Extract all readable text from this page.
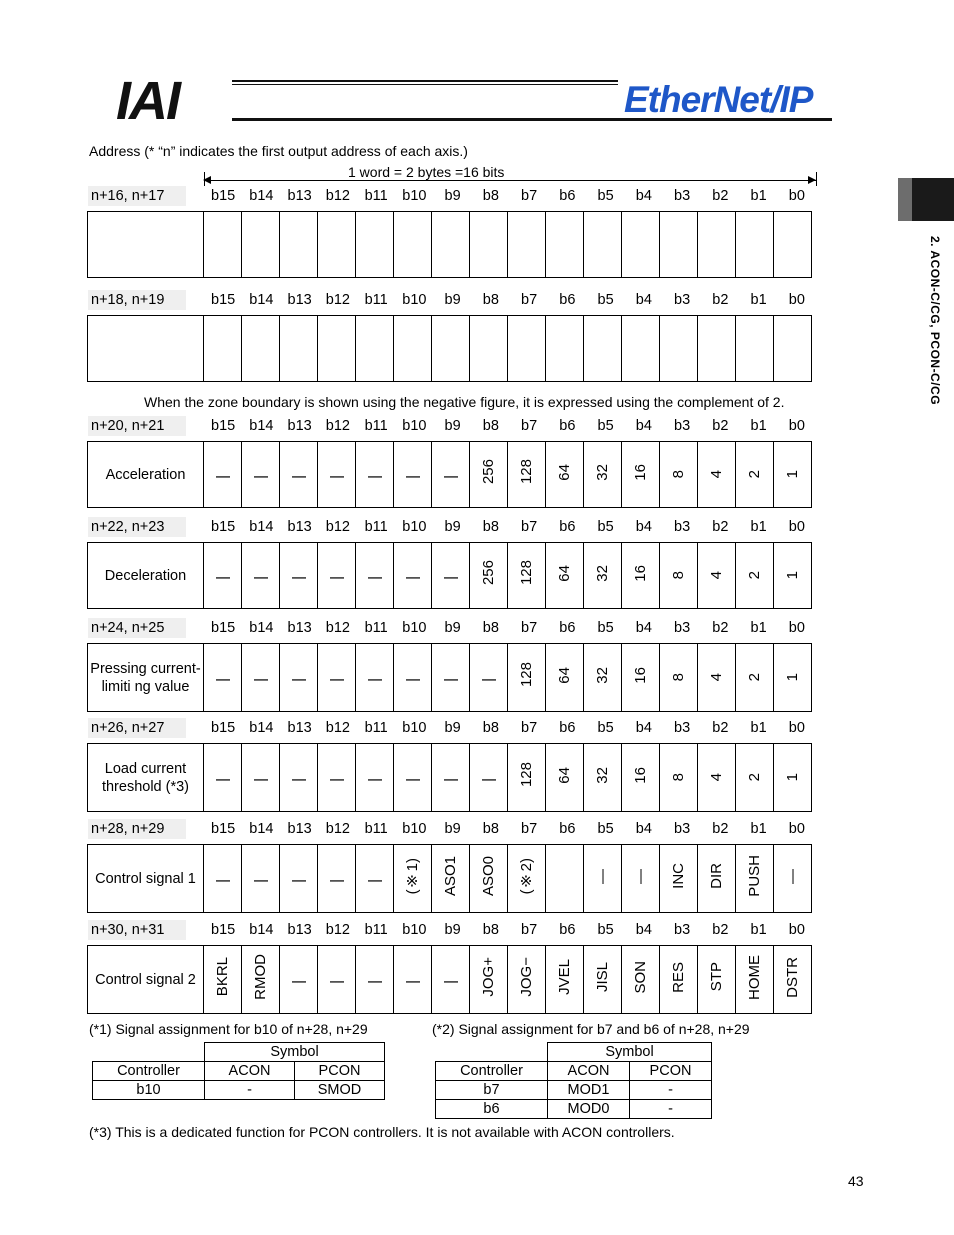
IAI	EtherNet/IP
2. ACON-C/CG, PCON-C/CG
Address (* “n” indicates the first output address of each axis.)
1 word = 2 bytes =16 bits
When the zone boundary is shown using the negative figure, it is expressed using the complement of 2.
n+16, n+17	b15 b14 b13 b12	b11	b10	b9	b8	b7	b6	b5	b4	b3	b2	b1	b0

n+18, n+19	b15 b14 b13 b12	b11	b10	b9	b8	b7	b6	b5	b4	b3	b2	b1	b0

n+20, n+21	b15 b14 b13 b12	b11	b10	b9	b8	b7	b6	b5	b4	b3	b2	b1	b0
Acceleration	|	|	|	|	|	|	|	256	128	64	32	16	8	4	2	1
n+22, n+23	b15 b14 b13 b12	b11	b10	b9	b8	b7	b6	b5	b4	b3	b2	b1	b0
Deceleration	|	|	|	|	|	|	|	256	128	64	32	16	8	4	2	1
n+24, n+25	b15 b14 b13 b12	b11	b10	b9	b8	b7	b6	b5	b4	b3	b2	b1	b0
Pressing current-limiti ng value	|	|	|	|	|	|	|	|	128	64	32	16	8	4	2	1
n+26, n+27	b15 b14 b13 b12	b11	b10	b9	b8	b7	b6	b5	b4	b3	b2	b1	b0
Load current threshold (*3)	|	|	|	|	|	|	|	|	128	64	32	16	8	4	2	1
n+28, n+29	b15 b14 b13 b12	b11	b10	b9	b8	b7	b6	b5	b4	b3	b2	b1	b0
Control signal 1	|	|	|	|	|	(※1)	ASO1	ASO0	(※2)		—	—	INC	DIR	PUSH	—
n+30, n+31	b15 b14 b13 b12	b11	b10	b9	b8	b7	b6	b5	b4	b3	b2	b1	b0
Control signal 2	BKRL	RMOD	|	|	|	|	|	JOG+	JOG−	JVEL	JISL	SON	RES	STP	HOME	DSTR
(*1) Signal assignment for b10 of n+28, n+29	(*2) Signal assignment for b7 and b6 of n+28, n+29
	Symbol	
Controller	ACON	PCON
b10	-	SMOD
	Symbol	
Controller	ACON	PCON
b7	MOD1	-
b6	MOD0	-
(*3) This is a dedicated function for PCON controllers. It is not available with ACON controllers.
43
